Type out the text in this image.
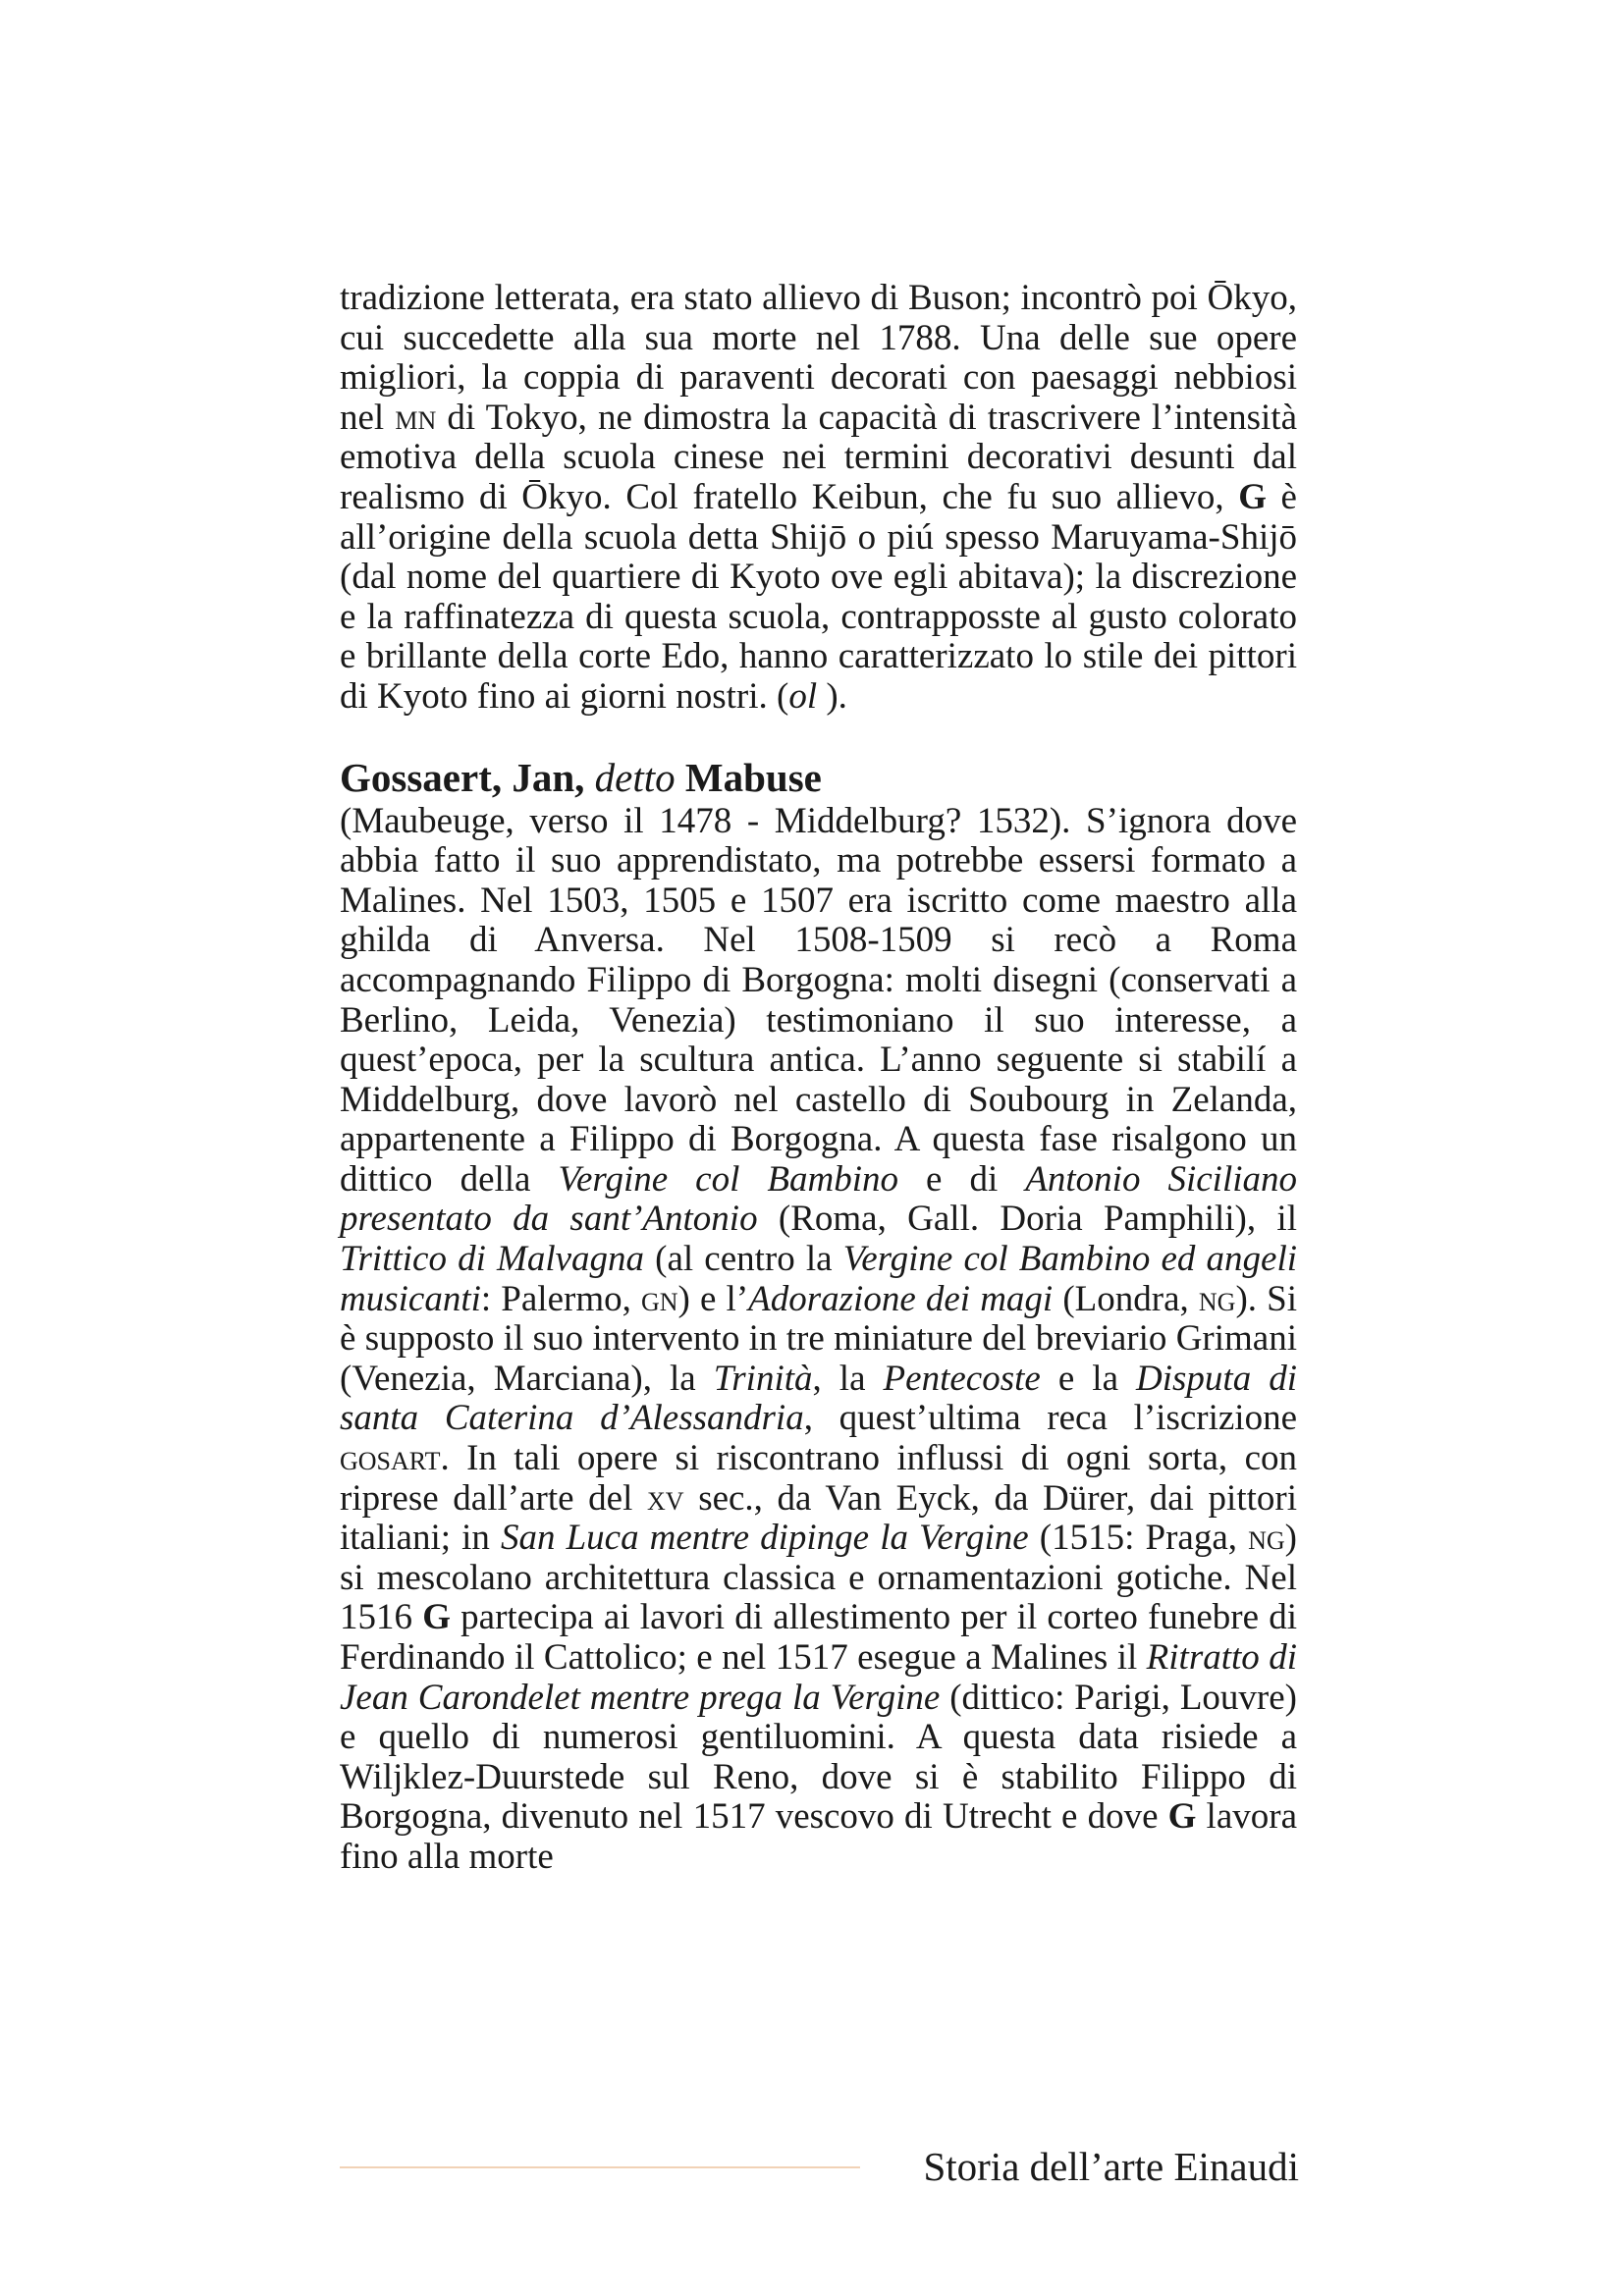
tradizione letterata, era stato allievo di Buson; incontrò poi Ōkyo, cui succedette alla sua morte nel 1788. Una delle sue opere migliori, la coppia di paraventi decorati con paesaggi nebbiosi nel mn di Tokyo, ne dimostra la capacità di trascrivere l’intensità emotiva della scuola cinese nei termini decorativi desunti dal realismo di Ōkyo. Col fratello Keibun, che fu suo allievo, G è all’origine della scuola detta Shijō o piú spesso Maruyama-Shijō (dal nome del quartiere di Kyoto ove egli abitava); la discrezione e la raffinatezza di questa scuola, contrapposste al gusto colorato e brillante della corte Edo, hanno caratterizzato lo stile dei pittori di Kyoto fino ai giorni nostri. (ol ).

Gossaert, Jan, detto Mabuse

(Maubeuge, verso il 1478 - Middelburg? 1532). S’ignora dove abbia fatto il suo apprendistato, ma potrebbe essersi formato a Malines. Nel 1503, 1505 e 1507 era iscritto come maestro alla ghilda di Anversa. Nel 1508-1509 si recò a Roma accompagnando Filippo di Borgogna: molti disegni (conservati a Berlino, Leida, Venezia) testimoniano il suo interesse, a quest’epoca, per la scultura antica. L’anno seguente si stabilí a Middelburg, dove lavorò nel castello di Soubourg in Zelanda, appartenente a Filippo di Borgogna. A questa fase risalgono un dittico della Vergine col Bambino e di Antonio Siciliano presentato da sant’Antonio (Roma, Gall. Doria Pamphili), il Trittico di Malvagna (al centro la Vergine col Bambino ed angeli musicanti: Palermo, gn) e l’Adorazione dei magi (Londra, ng). Si è supposto il suo intervento in tre miniature del breviario Grimani (Venezia, Marciana), la Trinità, la Pentecoste e la Disputa di santa Caterina d’Alessandria, quest’ultima reca l’iscrizione gosart. In tali opere si riscontrano influssi di ogni sorta, con riprese dall’arte del xv sec., da Van Eyck, da Dürer, dai pittori italiani; in San Luca mentre dipinge la Vergine (1515: Praga, ng) si mescolano architettura classica e ornamentazioni gotiche. Nel 1516 G partecipa ai lavori di allestimento per il corteo funebre di Ferdinando il Cattolico; e nel 1517 esegue a Malines il Ritratto di Jean Carondelet mentre prega la Vergine (dittico: Parigi, Louvre) e quello di numerosi gentiluomini. A questa data risiede a Wiljklez-Duurstede sul Reno, dove si è stabilito Filippo di Borgogna, divenuto nel 1517 vescovo di Utrecht e dove G lavora fino alla morte

Storia dell’arte Einaudi
